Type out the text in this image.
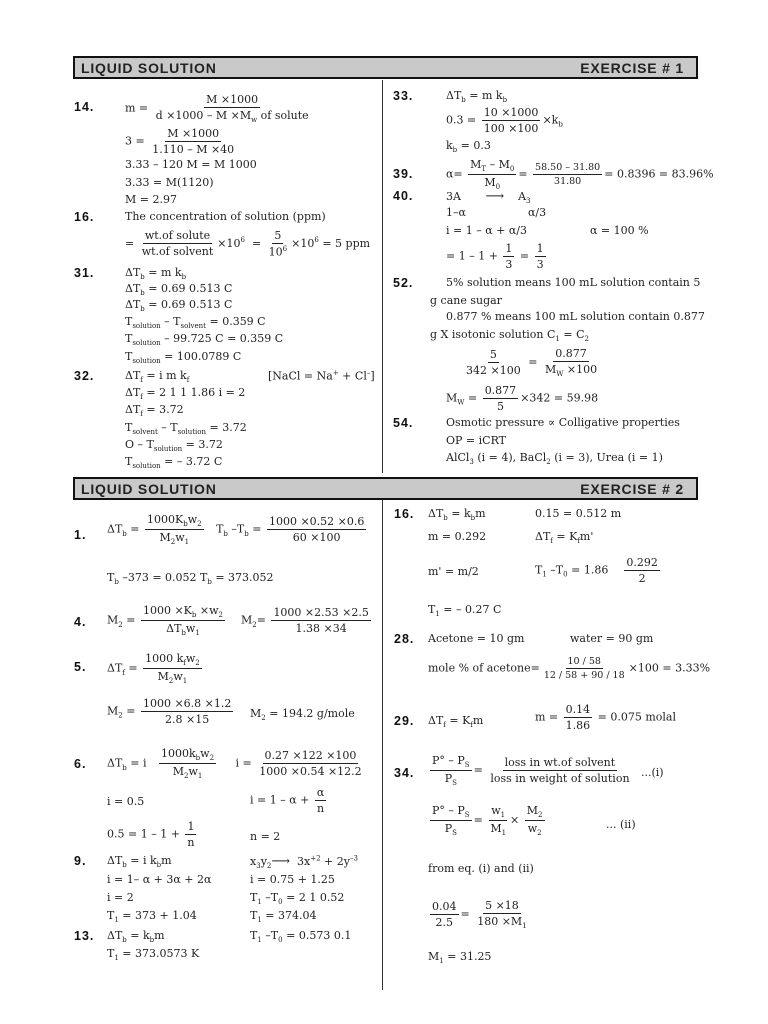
LIQUID SOLUTION	EXERCISE # 1
14.	m =
M ×1000
$d \times 1000 - M \times M_w$ of solute
$3 = \frac{M \times 1000}{1.110 - M \times 40}$
3.33 – 120 M = M 1000
3.33 = M(1120)
M = 2.97
16.	The concentration of solution (ppm)
=
wt.of solute
wt.of solvent
$\times 10^6 = \frac{5}{10^6} \times 10^6 = 5$ ppm
31.	$\Delta T_b = m$ $k_b$
$\Delta T_b = 0.69$ 0.513 C
$\Delta T_b = 0.69$ 0.513 C
$T_{solution} - T_{solvent} = 0.359$ C
$T_{solution} - 99.725$ C = 0.359 C
$T_{solution} = 100.0789$ C
32.	$\Delta T_f = i$ m $k_f$	[NaCl = Na+ + Cl–]
$\Delta T_f = 2$ 1 1 1.86 i = 2
$\Delta T_f = 3.72$
$T_{solvent} - T_{solution} = 3.72$
$O - T_{solution} = 3.72$
$T_{solution}$ = – 3.72 C
33.	$\Delta T_b = m$ $k_b$
$0.3 = \frac{10 \times 1000}{100 \times 100} \times k_b$
$k_b = 0.3$
39.	$\alpha= \frac{M_T - M_0}{M_0} = \frac{58.50 - 31.80}{31.80} = 0.8396 = 83.96\%$
40.	3A ⟶ $A_3$
1–α	α/3
i = 1 – α + α/3	α = 100 %
= $1 - 1 + \frac{1}{3} = \frac{1}{3}$
52.	5% solution means 100 mL solution contain 5
g cane sugar
0.877 % means 100 mL solution contain 0.877
g X isotonic solution $C_1 = C_2$
$\frac{5}{342 \times 100} = \frac{0.877}{M_W \times 100}$
$M_W = \frac{0.877}{5} \times 342 = 59.98$
54.	Osmotic pressure ∝ Colligative properties
OP = iCRT
AlCl$_3$ (i = 4), BaCl$_2$ (i = 3), Urea (i = 1)
LIQUID SOLUTION	EXERCISE # 2
1. $\Delta T_b$ =
$1000K_bw_2$
$M_2w_1$
$T_b$ $-T_b = \frac{1000 \times 0.52 \times 0.6}{60 \times 100}$
$T_b$ –373 = 0.052 $T_b = 373.052$
4. $M_2$ =
$1000 \times K_b \times w_2$
$\Delta T_bw_1$
$M_2= \frac{1000 \times 2.53 \times 2.5}{1.38 \times 34}$
5. $\Delta T_f$ =
1000 $k_fw_2$
$M_2w_1$
$M_2 = \frac{1000 \times 6.8 \times 1.2}{2.8 \times 15} M_2 = 194.2$ g/mole
6. $\Delta T_b = i$
$1000k_bw_2$
$M_2w_1$
$i = \frac{0.27 \times 122 \times 100}{1000 \times 0.54 \times 12.2}$
i = 0.5	$i = 1 - \alpha + \frac{\alpha}{n}$
$0.5 = 1 - 1 + \frac{1}{n}$	n = 2
9. $\Delta T_b = i$ $k_bm$	$x_3y_2⟶$ $3x^{+2} + 2y^{-3}$
i = 1– α + 3α + 2α	i = 0.75 + 1.25
i = 2	$T_1$ $-T_0 = 2$ 1 0.52
$T_1 = 373 + 1.04$	$T_1 = 374.04$
13. $\Delta T_b = k_bm$	$T_1$ $-T_0 = 0.573$ 0.1
$T_1 = 373.0573$ K
16. $\Delta T_b = k_bm$	0.15 = 0.512 m
m = 0.292	$\Delta T_f = K_fm'$
m' = m/2	$T_1$ $-T_0 = 1.86 \frac{0.292}{2}$
$T_1$ = – 0.27 C
28. Acetone = 10 gm	water = 90 gm
mole % of acetone= $\frac{10 / 58}{12 / 58 + 90 / 18} \times 100 = 3.33\%$
29. $\Delta T_f = K_fm$	$m = \frac{0.14}{1.86} = 0.075$ molal
34. $\frac{P^\circ - P_S}{P_S}$ =
loss in wt.of solvent
loss in weight of solution ...(i)
$\frac{P^\circ - P_S}{P_S} = \frac{w_1}{M_1} \times \frac{M_2}{w_2}$	... (ii)
from eq. (i) and (ii)
$\frac{0.04}{2.5} = \frac{5 \times 18}{180 \times M_1}$
$M_1 = 31.25$
